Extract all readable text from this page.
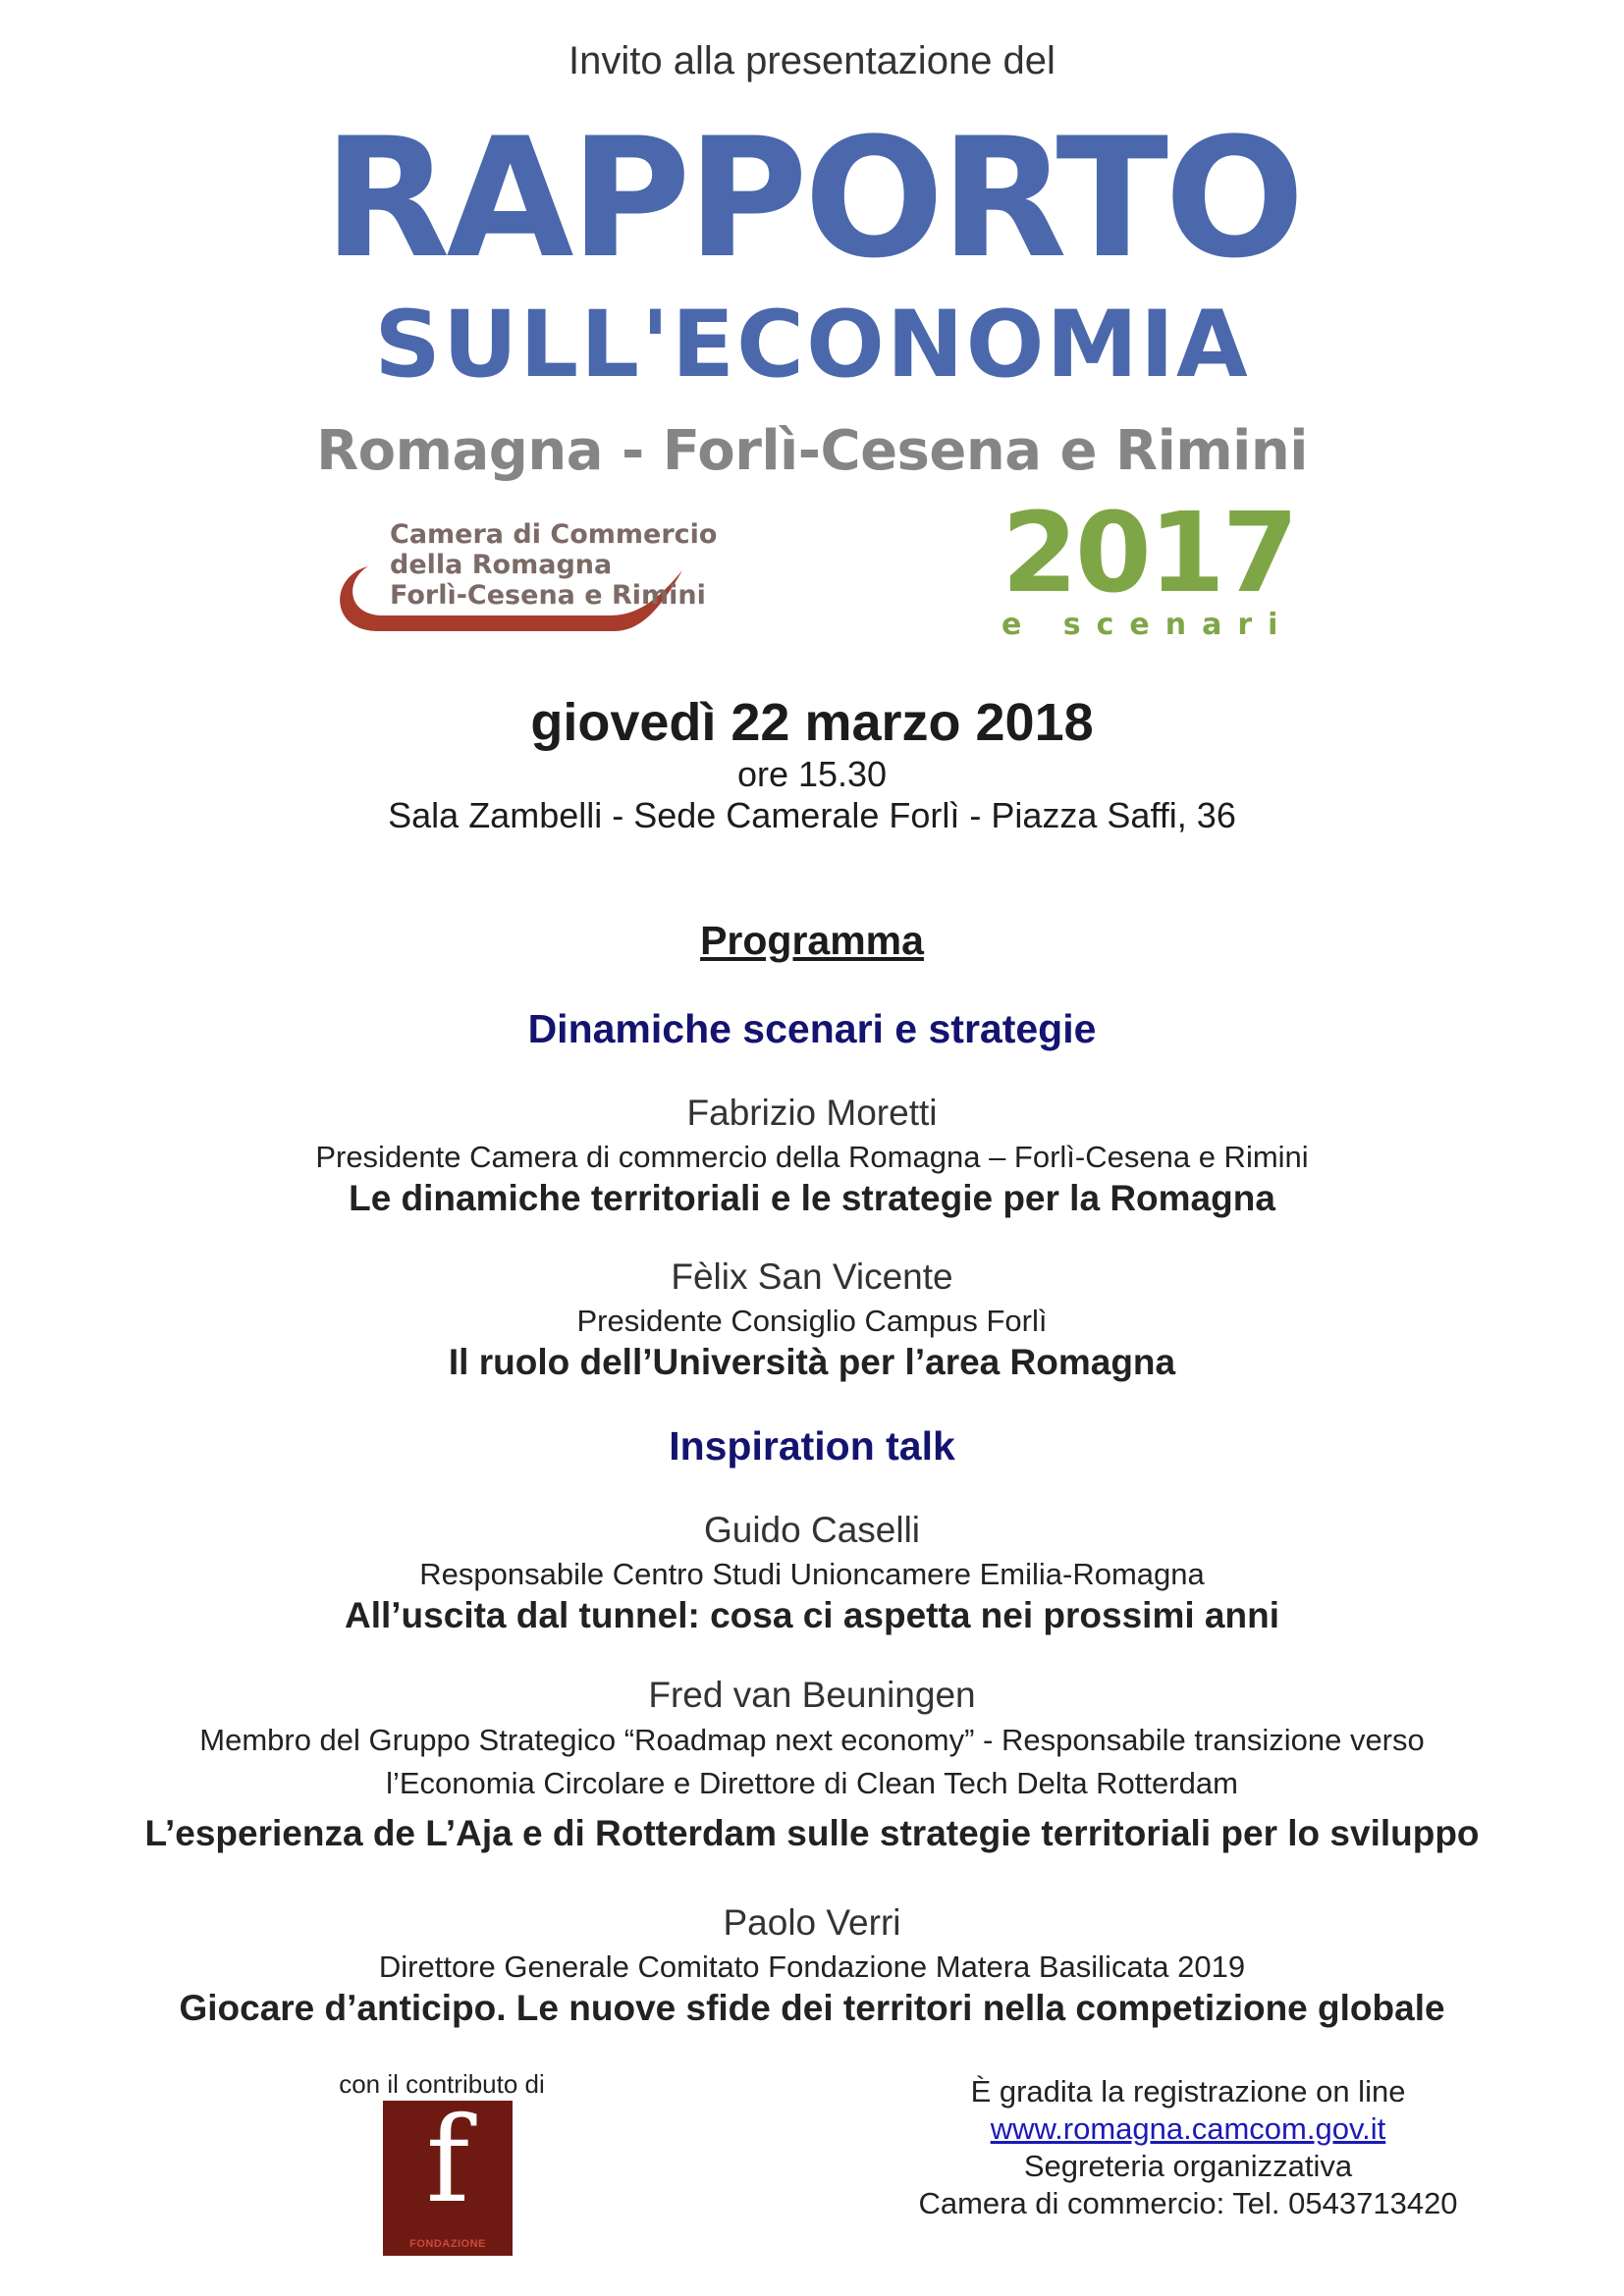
Invito alla presentazione del
RAPPORTO
SULL'ECONOMIA
Romagna - Forlì-Cesena e Rimini
Camera di Commercio
della Romagna
Forlì-Cesena e Rimini	2017
e scenari
giovedì 22 marzo 2018
ore 15.30
Sala Zambelli - Sede Camerale Forlì - Piazza Saffi, 36
Programma
Dinamiche scenari e strategie
Fabrizio Moretti
Presidente Camera di commercio della Romagna – Forlì-Cesena e Rimini
Le dinamiche territoriali e le strategie per la Romagna
Fèlix San Vicente
Presidente Consiglio Campus Forlì
Il ruolo dell’Università per l’area Romagna
Inspiration talk
Guido Caselli
Responsabile Centro Studi Unioncamere Emilia-Romagna
All’uscita dal tunnel: cosa ci aspetta nei prossimi anni
Fred van Beuningen
Membro del Gruppo Strategico “Roadmap next economy” - Responsabile transizione verso
l’Economia Circolare e Direttore di Clean Tech Delta Rotterdam
L’esperienza de L’Aja e di Rotterdam sulle strategie territoriali per lo sviluppo
Paolo Verri
Direttore Generale Comitato Fondazione Matera Basilicata 2019
Giocare d’anticipo. Le nuove sfide dei territori nella competizione globale
con il contributo di
f
FONDAZIONE
È gradita la registrazione on line
www.romagna.camcom.gov.it
Segreteria organizzativa
Camera di commercio: Tel. 0543713420
